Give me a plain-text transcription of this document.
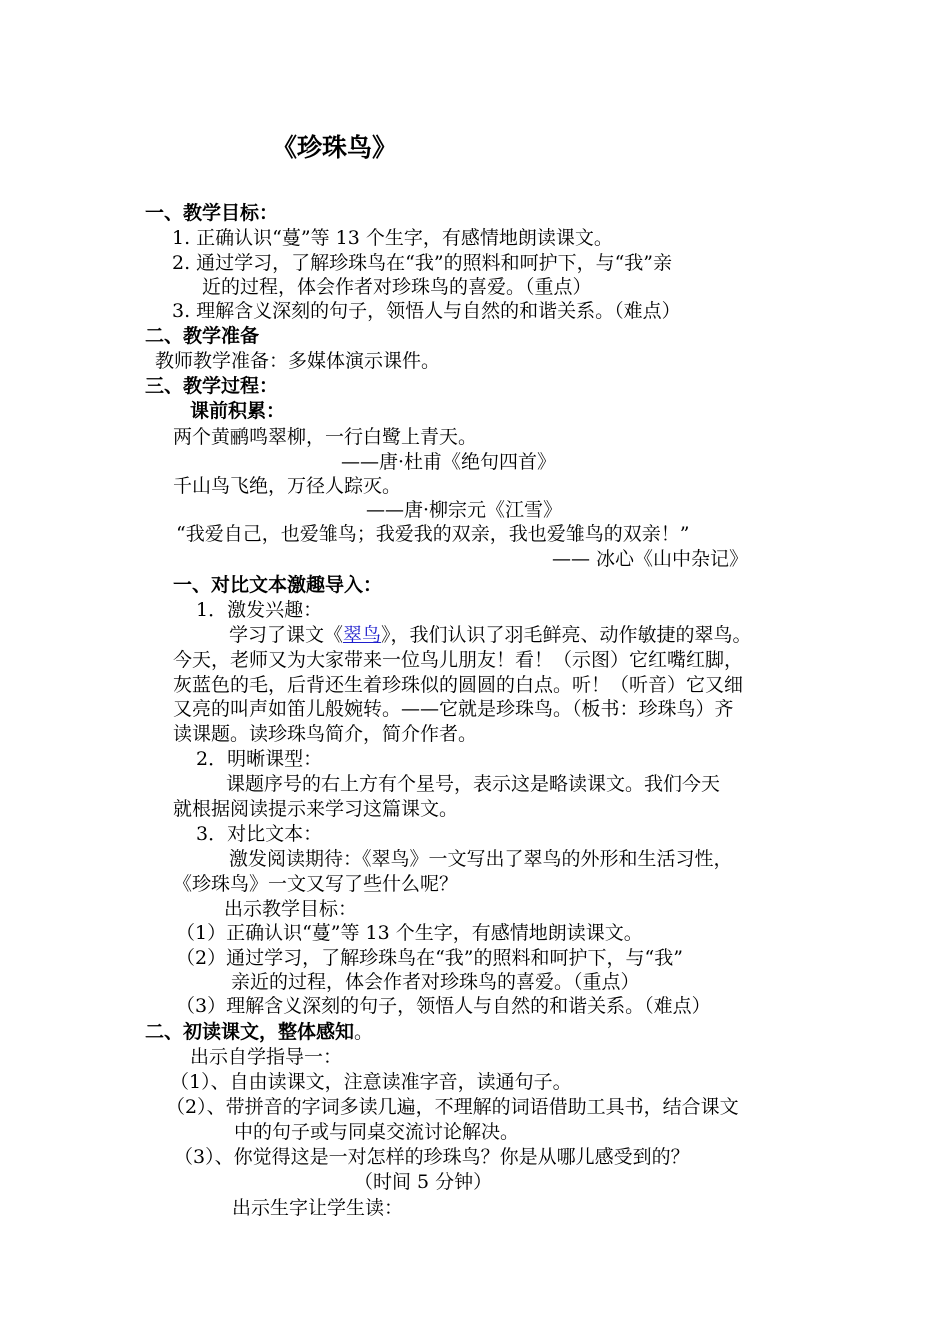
《珍珠鸟》
一、教学目标：
1. 正确认识“蔓”等 13 个生字，有感情地朗读课文。
2. 通过学习，了解珍珠鸟在“我”的照料和呵护下，与“我”亲
近的过程，体会作者对珍珠鸟的喜爱。（重点）
3. 理解含义深刻的句子，领悟人与自然的和谐关系。（难点）
二、教学准备
教师教学准备：多媒体演示课件。
三、教学过程：
课前积累：
两个黄鹂鸣翠柳，一行白鹭上青天。
——唐·杜甫《绝句四首》
千山鸟飞绝，万径人踪灭。
——唐·柳宗元《江雪》
“我爱自己，也爱雏鸟；我爱我的双亲，我也爱雏鸟的双亲！”
—— 冰心《山中杂记》
一、对比文本激趣导入：
1．激发兴趣：
学习了课文《翠鸟》，我们认识了羽毛鲜亮、动作敏捷的翠鸟。
今天，老师又为大家带来一位鸟儿朋友！看！（示图）它红嘴红脚，
灰蓝色的毛，后背还生着珍珠似的圆圆的白点。听！（听音）它又细
又亮的叫声如笛儿般婉转。——它就是珍珠鸟。（板书：珍珠鸟）齐
读课题。读珍珠鸟简介，简介作者。
2．明晰课型：
课题序号的右上方有个星号，表示这是略读课文。我们今天
就根据阅读提示来学习这篇课文。
3．对比文本：
激发阅读期待：《翠鸟》一文写出了翠鸟的外形和生活习性，
《珍珠鸟》一文又写了些什么呢？
出示教学目标：
（1）正确认识“蔓”等 13 个生字，有感情地朗读课文。
（2）通过学习，了解珍珠鸟在“我”的照料和呵护下，与“我”
亲近的过程，体会作者对珍珠鸟的喜爱。（重点）
（3）理解含义深刻的句子，领悟人与自然的和谐关系。（难点）
二、初读课文，整体感知。
出示自学指导一：
（1）、自由读课文，注意读准字音，读通句子。
（2）、带拼音的字词多读几遍，不理解的词语借助工具书，结合课文
中的句子或与同桌交流讨论解决。
（3）、你觉得这是一对怎样的珍珠鸟？你是从哪儿感受到的？
（时间 5 分钟）
出示生字让学生读：
